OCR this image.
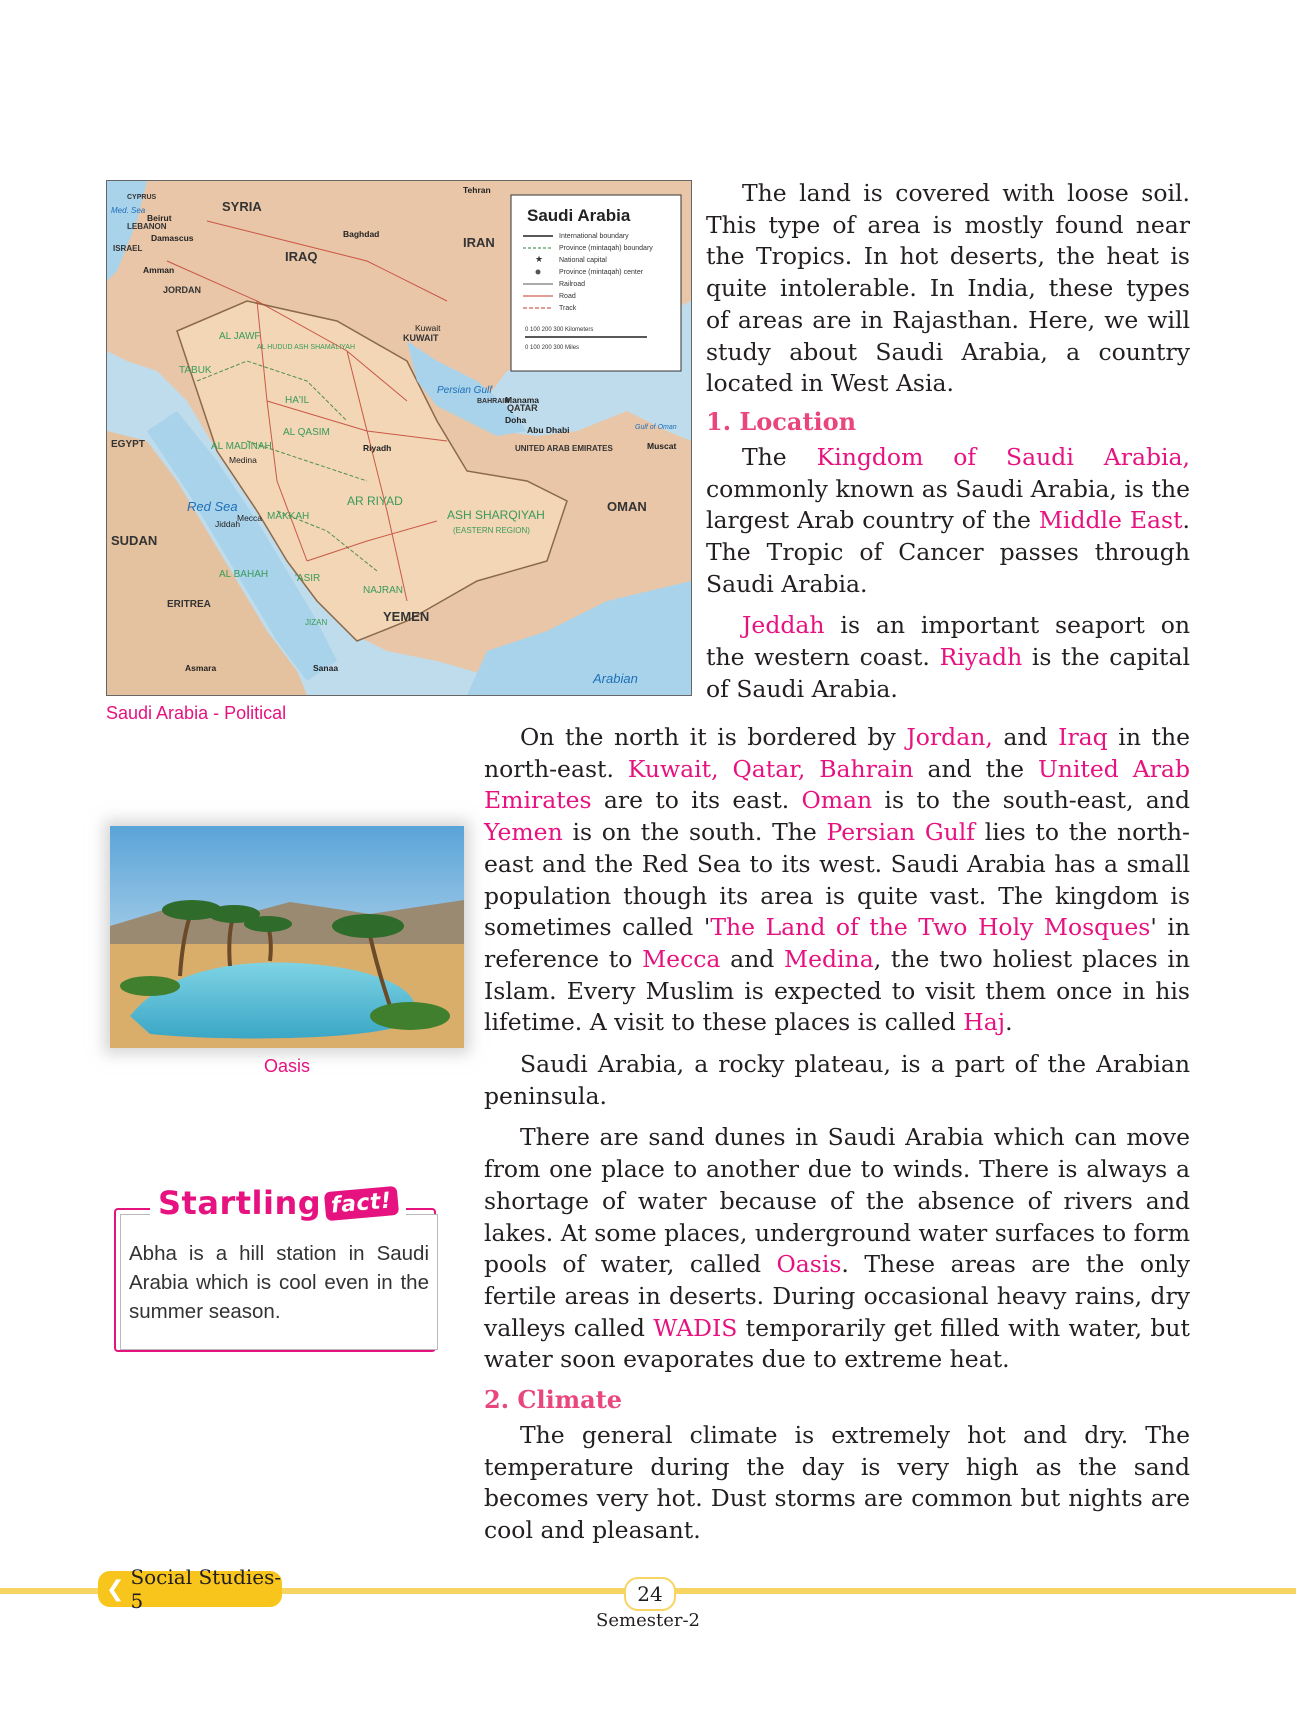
SYRIA
IRAQ
IRAN
JORDAN
KUWAIT
QATAR
UNITED ARAB EMIRATES
OMAN
YEMEN
EGYPT
SUDAN
ERITREA
ISRAEL
LEBANON
CYPRUS
BAHRAIN
AL JAWF
TABUK
HA'IL
AL QASIM
AL MADINAH
AR RIYAD
ASH SHARQIYAH
(EASTERN REGION)
MAKKAH
AL BAHAH	'ASIR
NAJRAN
JIZAN
AL HUDUD ASH SHAMALIYAH
Riyadh
Medina
Mecca
Jiddah
Abu Dhabi
Muscat
Doha
Manama
Sanaa
Asmara
Baghdad
Amman
Damascus
Beirut
Tehran
Kuwait
Red Sea
Persian Gulf
Arabian
Med. Sea
Gulf of Oman
Saudi Arabia
International boundary
Province (mintaqah) boundary
★ National capital
Province (mintaqah) center
Railroad
Road
Track
0 100 200 300 Kilometers
0 100 200 300 Miles
Saudi Arabia - Political
Oasis
Abha is a hill station in Saudi Arabia which is cool even in the summer season.
Startling fact!

The land is covered with loose soil. This type of area is mostly found near the Tropics. In hot deserts, the heat is quite intolerable. In India, these types of areas are in Rajasthan. Here, we will study about Saudi Arabia, a country located in West Asia.

1. Location

The Kingdom of Saudi Arabia, commonly known as Saudi Arabia, is the largest Arab country of the Middle East. The Tropic of Cancer passes through Saudi Arabia.

Jeddah is an important seaport on the western coast. Riyadh is the capital of Saudi Arabia.

On the north it is bordered by Jordan, and Iraq in the north-east. Kuwait, Qatar, Bahrain and the United Arab Emirates are to its east. Oman is to the south-east, and Yemen is on the south. The Persian Gulf lies to the north-east and the Red Sea to its west. Saudi Arabia has a small population though its area is quite vast. The kingdom is sometimes called 'The Land of the Two Holy Mosques' in reference to Mecca and Medina, the two holiest places in Islam. Every Muslim is expected to visit them once in his lifetime. A visit to these places is called Haj.

Saudi Arabia, a rocky plateau, is a part of the Arabian peninsula.

There are sand dunes in Saudi Arabia which can move from one place to another due to winds. There is always a shortage of water because of the absence of rivers and lakes. At some places, underground water surfaces to form pools of water, called Oasis. These areas are the only fertile areas in deserts. During occasional heavy rains, dry valleys called WADIS temporarily get filled with water, but water soon evaporates due to extreme heat.

2. Climate

The general climate is extremely hot and dry. The temperature during the day is very high as the sand becomes very hot. Dust storms are common but nights are cool and pleasant.

❮ Social Studies-5	24
Semester-2
